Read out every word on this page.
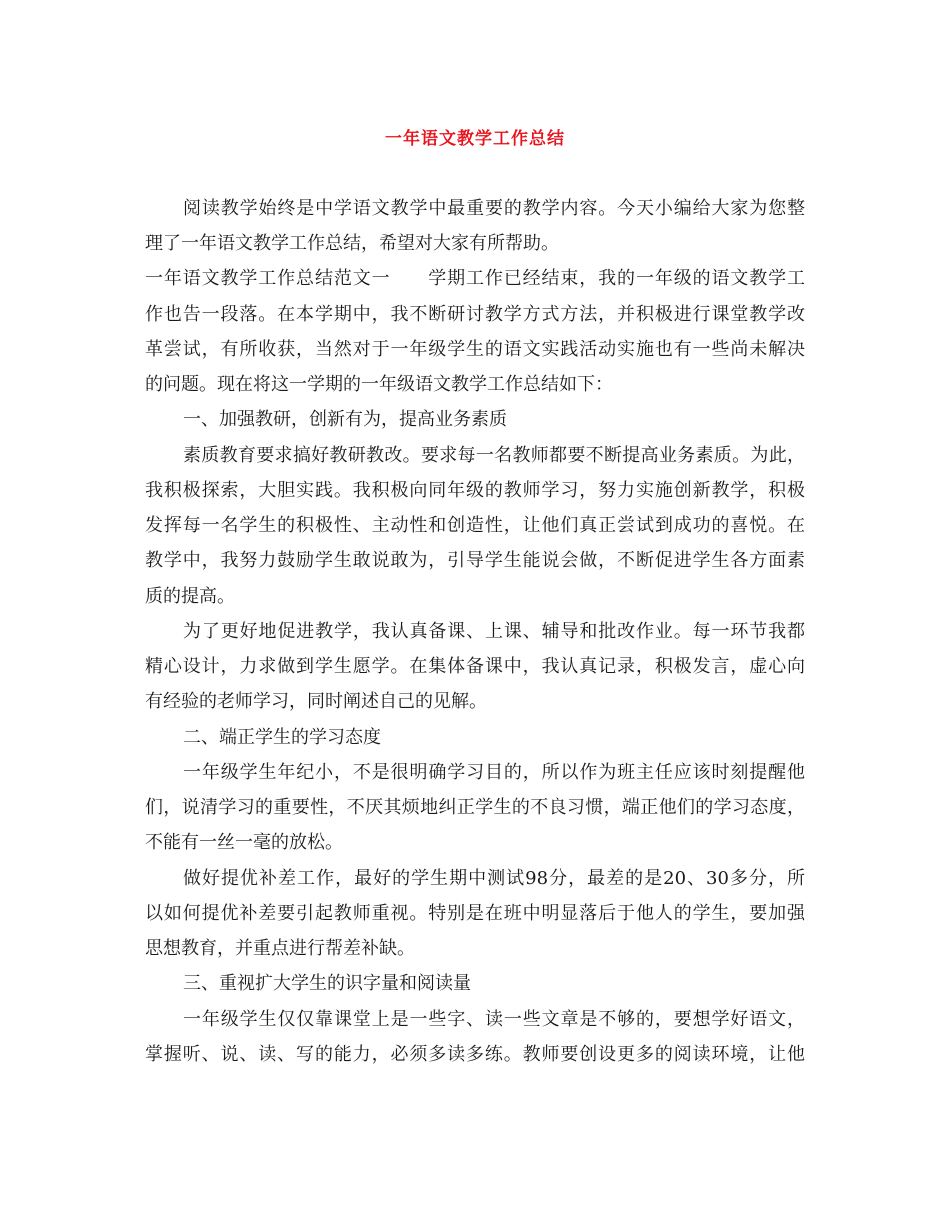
一年语文教学工作总结
阅读教学始终是中学语文教学中最重要的教学内容。今天小编给大家为您整
理了一年语文教学工作总结，希望对大家有所帮助。
一年语文教学工作总结范文一　　学期工作已经结束，我的一年级的语文教学工
作也告一段落。在本学期中，我不断研讨教学方式方法，并积极进行课堂教学改
革尝试，有所收获，当然对于一年级学生的语文实践活动实施也有一些尚未解决
的问题。现在将这一学期的一年级语文教学工作总结如下：
一、加强教研，创新有为，提高业务素质
素质教育要求搞好教研教改。要求每一名教师都要不断提高业务素质。为此，
我积极探索，大胆实践。我积极向同年级的教师学习，努力实施创新教学，积极
发挥每一名学生的积极性、主动性和创造性，让他们真正尝试到成功的喜悦。在
教学中，我努力鼓励学生敢说敢为，引导学生能说会做，不断促进学生各方面素
质的提高。
为了更好地促进教学，我认真备课、上课、辅导和批改作业。每一环节我都
精心设计，力求做到学生愿学。在集体备课中，我认真记录，积极发言，虚心向
有经验的老师学习，同时阐述自己的见解。
二、端正学生的学习态度
一年级学生年纪小，不是很明确学习目的，所以作为班主任应该时刻提醒他
们，说清学习的重要性，不厌其烦地纠正学生的不良习惯，端正他们的学习态度，
不能有一丝一毫的放松。
做好提优补差工作，最好的学生期中测试98分，最差的是20、30多分，所
以如何提优补差要引起教师重视。特别是在班中明显落后于他人的学生，要加强
思想教育，并重点进行帮差补缺。
三、重视扩大学生的识字量和阅读量
一年级学生仅仅靠课堂上是一些字、读一些文章是不够的，要想学好语文，
掌握听、说、读、写的能力，必须多读多练。教师要创设更多的阅读环境，让他
